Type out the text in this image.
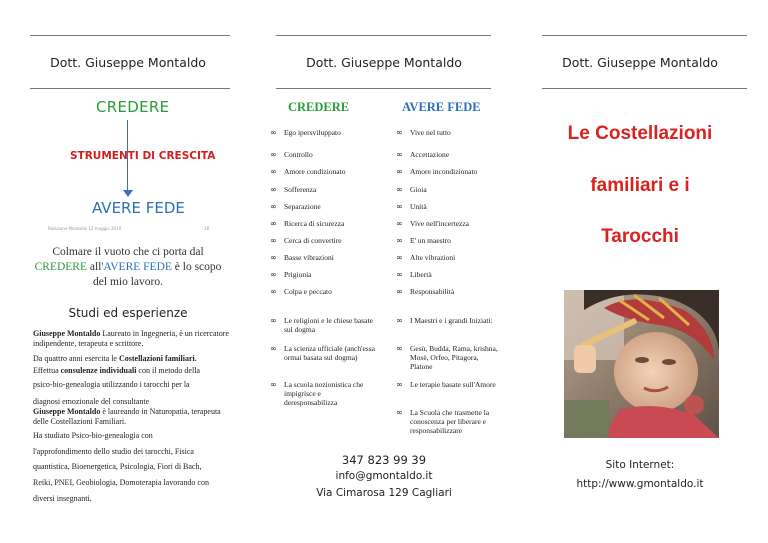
Dott. Giuseppe Montaldo
CREDERE
STRUMENTI DI CRESCITA
AVERE FEDE
Relazione Montaldo 12 maggio 2010	18
Colmare il vuoto che ci porta dal CREDERE all'AVERE FEDE è lo scopo del mio lavoro.
Studi ed esperienze
Giuseppe Montaldo Laureato in Ingegneria, è un ricercatore indipendente, terapeuta e scrittore.
Da quattro anni esercita le Costellazioni familiari.
Effettua consulenze individuali con il metodo della
psico-bio-genealogia utilizzando i tarocchi per la
diagnosi emozionale del consultante
Giuseppe Montaldo è laureando in Naturopatia, terapeuta delle Costellazioni Familiari.
Ha studiato Psico-bio-genealogia con
l'approfondimento dello studio dei tarocchi, Fisica
quantistica, Bioenergetica, Psicologia, Fiori di Bach,
Reiki, PNEI, Geobiologia, Domoterapia lavorando con
diversi insegnanti.
Dott. Giuseppe Montaldo
CREDERE	AVERE FEDE
∞ Ego ipersviluppato
∞ Controllo
∞ Amore condizionato
∞ Sofferenza
∞ Separazione
∞ Ricerca di sicurezza
∞ Cerca di convertire
∞ Basse vibrazioni
∞ Prigionia
∞ Colpa e peccato
∞ Le religioni e le chiese basate sul dogma
∞ La scienza ufficiale (anch'essa ormai basata sul dogma)
∞ La scuola nozionistica che impigrisce e deresponsabilizza
∞ Vive nel tutto
∞ Accettazione
∞ Amore incondizionato
∞ Gioia
∞ Unità
∞ Vive nell'incertezza
∞ E' un maestro
∞ Alte vibrazioni
∞ Libertà
∞ Responsabilità
∞ I Maestri e i grandi Iniziati:
∞ Gesù, Budda, Rama, krishna, Mosè, Orfeo, Pitagora, Platone
∞ Le terapie basate sull'Amore
∞ La Scuola che trasmette la conoscenza per liberare e responsabilizzare
347 823 99 39
info@gmontaldo.it
Via Cimarosa 129 Cagliari
Dott. Giuseppe Montaldo
Le Costellazioni
familiari e i
Tarocchi
Sito Internet:
http://www.gmontaldo.it
